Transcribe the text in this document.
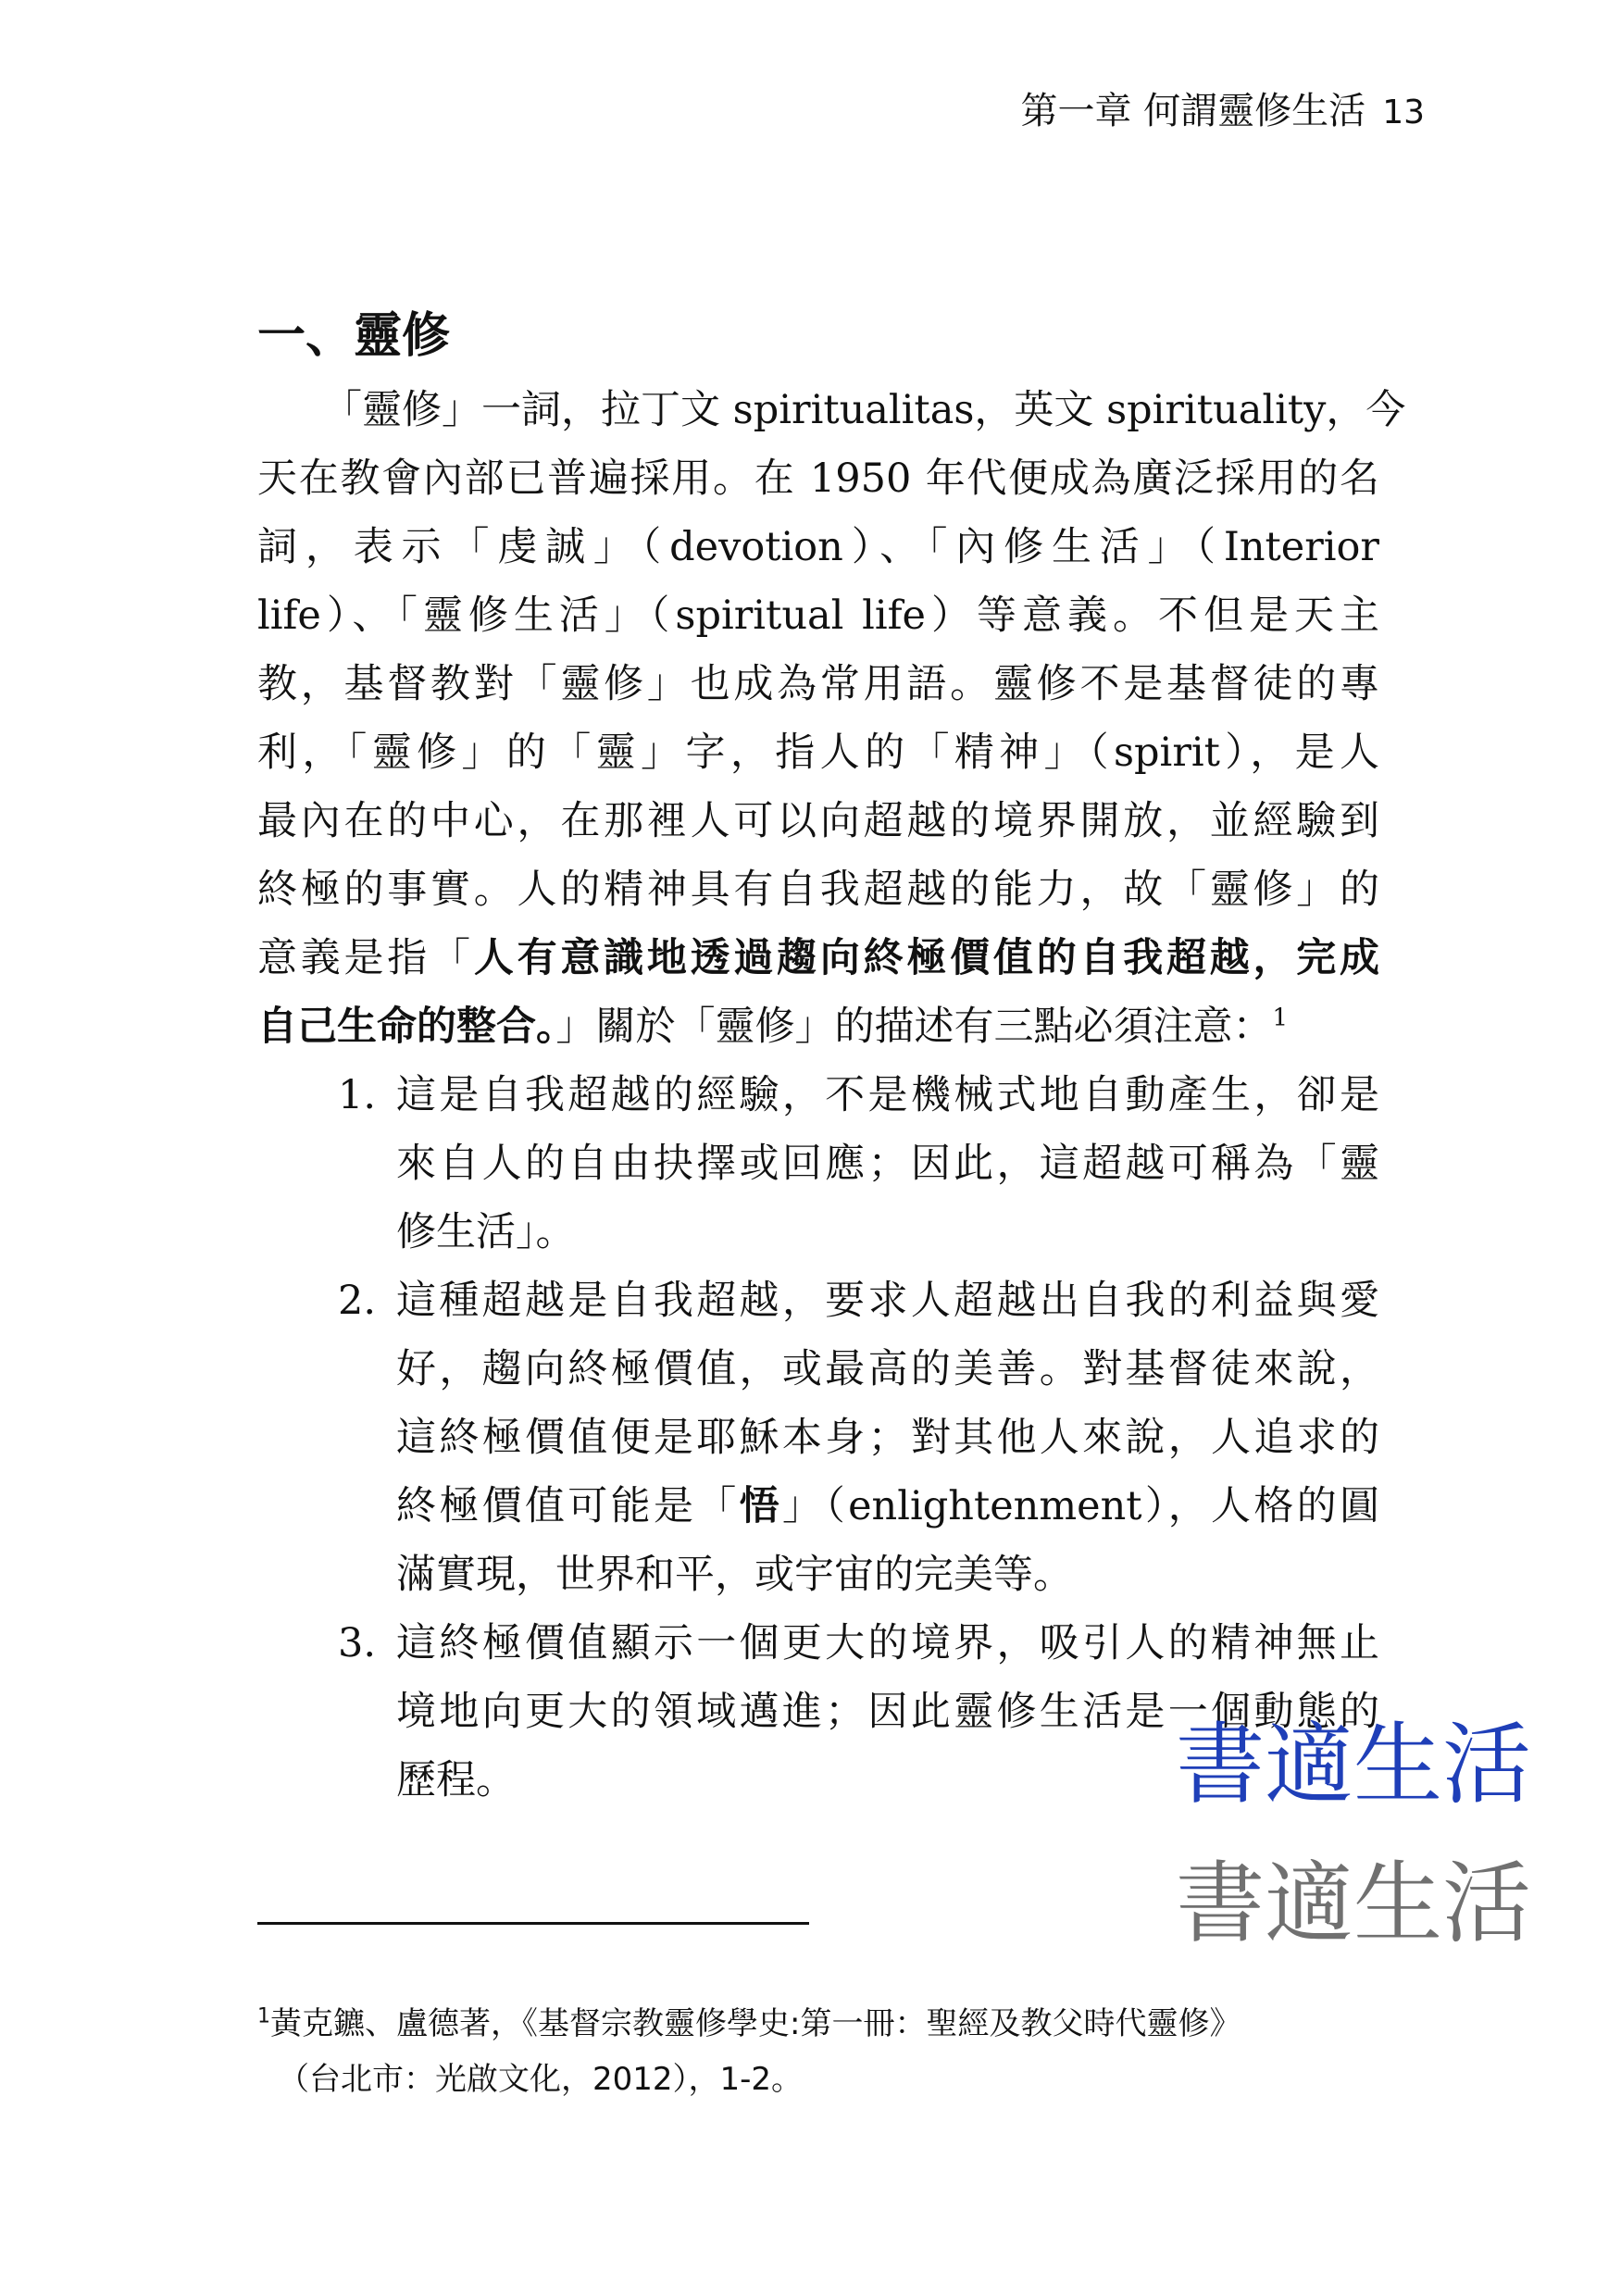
第一章 何謂靈修生活 13
一、靈修

「靈修」一詞，拉丁文 spiritualitas，英文 spirituality，今

天在教會內部已普遍採用。在 1950 年代便成為廣泛採用的名

詞，表示「虔誠」（devotion）、「內修生活」（Interior

life）、「靈修生活」（spiritual life）等意義。不但是天主

教，基督教對「靈修」也成為常用語。靈修不是基督徒的專

利，「靈修」的「靈」字，指人的「精神」（spirit），是人

最內在的中心，在那裡人可以向超越的境界開放，並經驗到

終極的事實。人的精神具有自我超越的能力，故「靈修」的

意義是指「人有意識地透過趨向終極價值的自我超越，完成

自己生命的整合。」關於「靈修」的描述有三點必須注意：$^1$

1. 這是自我超越的經驗，不是機械式地自動產生，卻是

來自人的自由抉擇或回應；因此，這超越可稱為「靈

修生活」。

2. 這種超越是自我超越，要求人超越出自我的利益與愛

好，趨向終極價值，或最高的美善。對基督徒來說，

這終極價值便是耶穌本身；對其他人來說，人追求的

終極價值可能是「悟」（enlightenment），人格的圓

滿實現，世界和平，或宇宙的完美等。

3. 這終極價值顯示一個更大的境界，吸引人的精神無止

境地向更大的領域邁進；因此靈修生活是一個動態的

歷程。	書適生活
書適生活
$^1$黃克鑣、盧德著，《基督宗教靈修學史:第一冊：聖經及教父時代靈修》
（台北市：光啟文化，2012），1-2。
